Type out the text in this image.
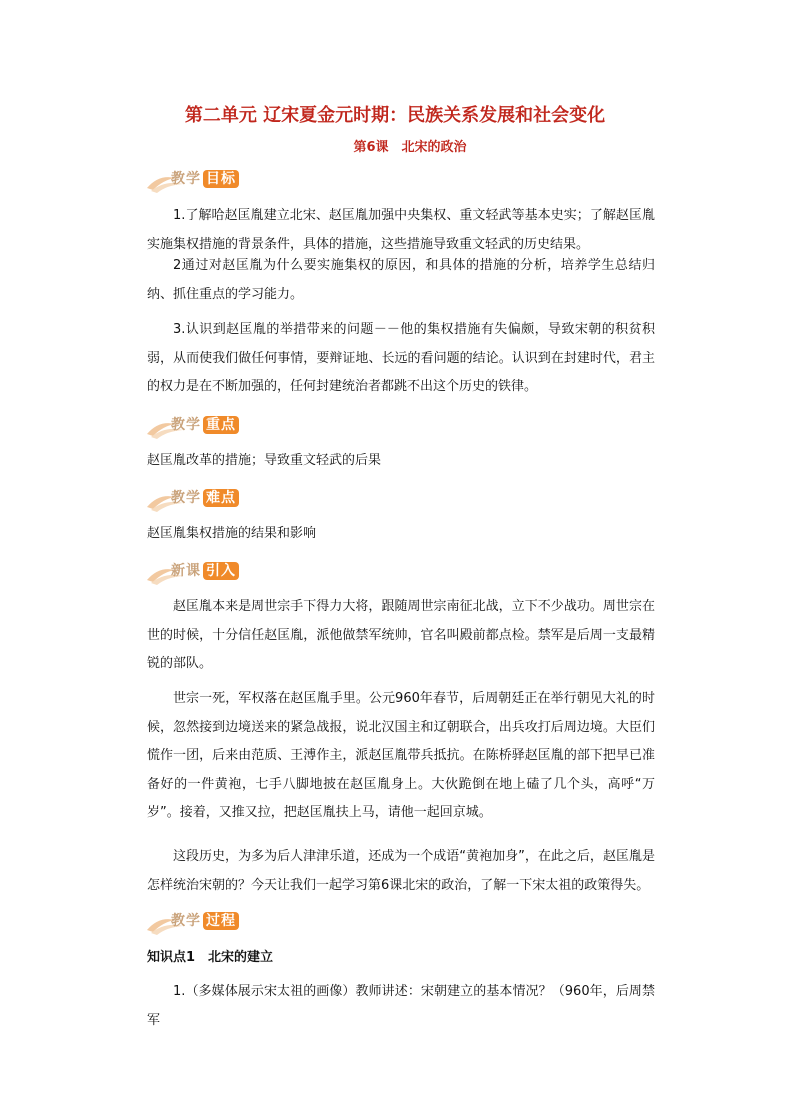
第二单元 辽宋夏金元时期：民族关系发展和社会变化
第6课　北宋的政治
教学 目标

1.了解哈赵匡胤建立北宋、赵匡胤加强中央集权、重文轻武等基本史实；了解赵匡胤实施集权措施的背景条件，具体的措施，这些措施导致重文轻武的历史结果。

2通过对赵匡胤为什么要实施集权的原因，和具体的措施的分析，培养学生总结归纳、抓住重点的学习能力。

3.认识到赵匡胤的举措带来的问题－－他的集权措施有失偏颇，导致宋朝的积贫积弱，从而使我们做任何事情，要辩证地、长远的看问题的结论。认识到在封建时代，君主的权力是在不断加强的，任何封建统治者都跳不出这个历史的铁律。

教学 重点

赵匡胤改革的措施；导致重文轻武的后果

教学 难点

赵匡胤集权措施的结果和影响

新课 引入

赵匡胤本来是周世宗手下得力大将，跟随周世宗南征北战，立下不少战功。周世宗在世的时候，十分信任赵匡胤，派他做禁军统帅，官名叫殿前都点检。禁军是后周一支最精锐的部队。

世宗一死，军权落在赵匡胤手里。公元960年春节，后周朝廷正在举行朝见大礼的时候，忽然接到边境送来的紧急战报，说北汉国主和辽朝联合，出兵攻打后周边境。大臣们慌作一团，后来由范质、王溥作主，派赵匡胤带兵抵抗。在陈桥驿赵匡胤的部下把早已准备好的一件黄袍，七手八脚地披在赵匡胤身上。大伙跪倒在地上磕了几个头，高呼“万岁”。接着，又推又拉，把赵匡胤扶上马，请他一起回京城。

这段历史，为多为后人津津乐道，还成为一个成语“黄袍加身”，在此之后，赵匡胤是怎样统治宋朝的？今天让我们一起学习第6课北宋的政治，了解一下宋太祖的政策得失。

教学 过程
知识点1　北宋的建立

1.（多媒体展示宋太祖的画像）教师讲述：宋朝建立的基本情况？（960年，后周禁军
